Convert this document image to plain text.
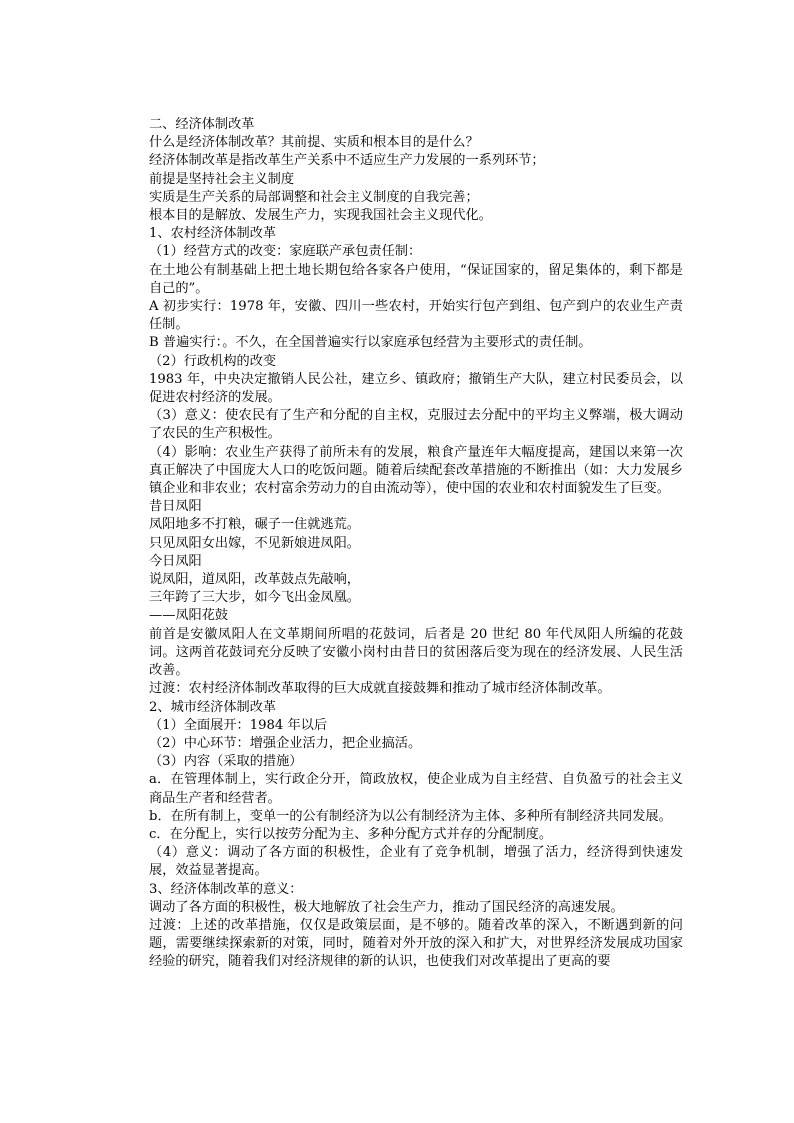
二、经济体制改革

什么是经济体制改革？其前提、实质和根本目的是什么？

经济体制改革是指改革生产关系中不适应生产力发展的一系列环节；

前提是坚持社会主义制度

实质是生产关系的局部调整和社会主义制度的自我完善；

根本目的是解放、发展生产力，实现我国社会主义现代化。

1、农村经济体制改革

（1）经营方式的改变：家庭联产承包责任制：

在土地公有制基础上把土地长期包给各家各户使用，“保证国家的，留足集体的，剩下都是自己的”。

A 初步实行：1978 年，安徽、四川一些农村，开始实行包产到组、包产到户的农业生产责任制。

B 普遍实行：。不久，在全国普遍实行以家庭承包经营为主要形式的责任制。

（2）行政机构的改变

1983 年，中央决定撤销人民公社，建立乡、镇政府；撤销生产大队，建立村民委员会，以促进农村经济的发展。

（3）意义：使农民有了生产和分配的自主权，克服过去分配中的平均主义弊端，极大调动了农民的生产积极性。

（4）影响：农业生产获得了前所未有的发展，粮食产量连年大幅度提高，建国以来第一次真正解决了中国庞大人口的吃饭问题。随着后续配套改革措施的不断推出（如：大力发展乡镇企业和非农业；农村富余劳动力的自由流动等），使中国的农业和农村面貌发生了巨变。

昔日凤阳

凤阳地多不打粮，碾子一住就逃荒。

只见凤阳女出嫁，不见新娘进凤阳。

今日凤阳

说凤阳，道凤阳，改革鼓点先敲响，

三年跨了三大步，如今飞出金凤凰。

——凤阳花鼓

前首是安徽凤阳人在文革期间所唱的花鼓词，后者是 20 世纪 80 年代凤阳人所编的花鼓词。这两首花鼓词充分反映了安徽小岗村由昔日的贫困落后变为现在的经济发展、人民生活改善。

过渡：农村经济体制改革取得的巨大成就直接鼓舞和推动了城市经济体制改革。

2、城市经济体制改革

（1）全面展开：1984 年以后

（2）中心环节：增强企业活力，把企业搞活。

（3）内容（采取的措施）

a．在管理体制上，实行政企分开，简政放权，使企业成为自主经营、自负盈亏的社会主义商品生产者和经营者。

b．在所有制上，变单一的公有制经济为以公有制经济为主体、多种所有制经济共同发展。

c．在分配上，实行以按劳分配为主、多种分配方式并存的分配制度。

（4）意义：调动了各方面的积极性，企业有了竞争机制，增强了活力，经济得到快速发展，效益显著提高。

3、经济体制改革的意义：

调动了各方面的积极性，极大地解放了社会生产力，推动了国民经济的高速发展。

过渡：上述的改革措施，仅仅是政策层面，是不够的。随着改革的深入，不断遇到新的问题，需要继续探索新的对策，同时，随着对外开放的深入和扩大，对世界经济发展成功国家经验的研究，随着我们对经济规律的新的认识，也使我们对改革提出了更高的要
